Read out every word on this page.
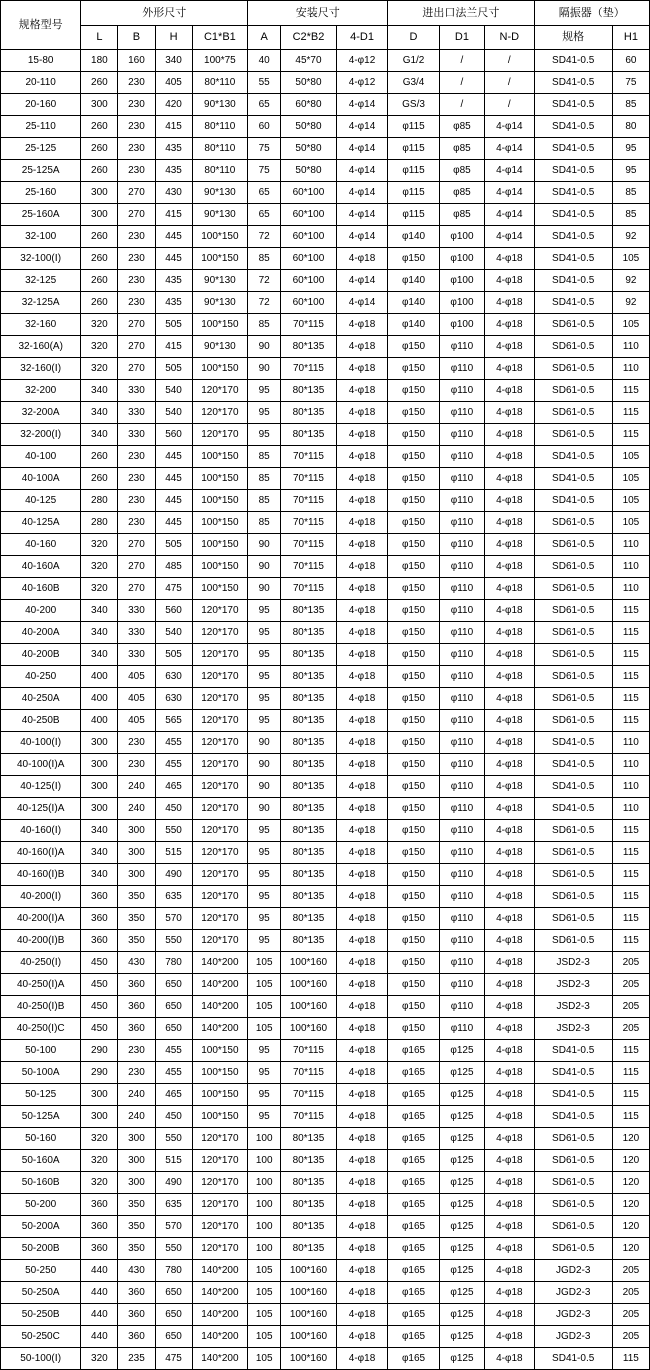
规格型号	外形尺寸				安装尺寸			进出口法兰尺寸			隔振器（垫）	
	L	B	H	C1*B1	A	C2*B2	4-D1	D	D1	N-D	规格	H1
15-80	180	160	340	100*75	40	45*70	4-φ12	G1/2	/	/	SD41-0.5	60
20-110	260	230	405	80*110	55	50*80	4-φ12	G3/4	/	/	SD41-0.5	75
20-160	300	230	420	90*130	65	60*80	4-φ14	GS/3	/	/	SD41-0.5	85
25-110	260	230	415	80*110	60	50*80	4-φ14	φ115	φ85	4-φ14	SD41-0.5	80
25-125	260	230	435	80*110	75	50*80	4-φ14	φ115	φ85	4-φ14	SD41-0.5	95
25-125A	260	230	435	80*110	75	50*80	4-φ14	φ115	φ85	4-φ14	SD41-0.5	95
25-160	300	270	430	90*130	65	60*100	4-φ14	φ115	φ85	4-φ14	SD41-0.5	85
25-160A	300	270	415	90*130	65	60*100	4-φ14	φ115	φ85	4-φ14	SD41-0.5	85
32-100	260	230	445	100*150	72	60*100	4-φ14	φ140	φ100	4-φ14	SD41-0.5	92
32-100(Ⅰ)	260	230	445	100*150	85	60*100	4-φ18	φ150	φ100	4-φ18	SD41-0.5	105
32-125	260	230	435	90*130	72	60*100	4-φ14	φ140	φ100	4-φ18	SD41-0.5	92
32-125A	260	230	435	90*130	72	60*100	4-φ14	φ140	φ100	4-φ18	SD41-0.5	92
32-160	320	270	505	100*150	85	70*115	4-φ18	φ140	φ100	4-φ18	SD61-0.5	105
32-160(A)	320	270	415	90*130	90	80*135	4-φ18	φ150	φ110	4-φ18	SD61-0.5	110
32-160(Ⅰ)	320	270	505	100*150	90	70*115	4-φ18	φ150	φ110	4-φ18	SD61-0.5	110
32-200	340	330	540	120*170	95	80*135	4-φ18	φ150	φ110	4-φ18	SD61-0.5	115
32-200A	340	330	540	120*170	95	80*135	4-φ18	φ150	φ110	4-φ18	SD61-0.5	115
32-200(Ⅰ)	340	330	560	120*170	95	80*135	4-φ18	φ150	φ110	4-φ18	SD61-0.5	115
40-100	260	230	445	100*150	85	70*115	4-φ18	φ150	φ110	4-φ18	SD41-0.5	105
40-100A	260	230	445	100*150	85	70*115	4-φ18	φ150	φ110	4-φ18	SD41-0.5	105
40-125	280	230	445	100*150	85	70*115	4-φ18	φ150	φ110	4-φ18	SD41-0.5	105
40-125A	280	230	445	100*150	85	70*115	4-φ18	φ150	φ110	4-φ18	SD61-0.5	105
40-160	320	270	505	100*150	90	70*115	4-φ18	φ150	φ110	4-φ18	SD61-0.5	110
40-160A	320	270	485	100*150	90	70*115	4-φ18	φ150	φ110	4-φ18	SD61-0.5	110
40-160B	320	270	475	100*150	90	70*115	4-φ18	φ150	φ110	4-φ18	SD61-0.5	110
40-200	340	330	560	120*170	95	80*135	4-φ18	φ150	φ110	4-φ18	SD61-0.5	115
40-200A	340	330	540	120*170	95	80*135	4-φ18	φ150	φ110	4-φ18	SD61-0.5	115
40-200B	340	330	505	120*170	95	80*135	4-φ18	φ150	φ110	4-φ18	SD61-0.5	115
40-250	400	405	630	120*170	95	80*135	4-φ18	φ150	φ110	4-φ18	SD61-0.5	115
40-250A	400	405	630	120*170	95	80*135	4-φ18	φ150	φ110	4-φ18	SD61-0.5	115
40-250B	400	405	565	120*170	95	80*135	4-φ18	φ150	φ110	4-φ18	SD61-0.5	115
40-100(Ⅰ)	300	230	455	120*170	90	80*135	4-φ18	φ150	φ110	4-φ18	SD41-0.5	110
40-100(Ⅰ)A	300	230	455	120*170	90	80*135	4-φ18	φ150	φ110	4-φ18	SD41-0.5	110
40-125(Ⅰ)	300	240	465	120*170	90	80*135	4-φ18	φ150	φ110	4-φ18	SD41-0.5	110
40-125(Ⅰ)A	300	240	450	120*170	90	80*135	4-φ18	φ150	φ110	4-φ18	SD41-0.5	110
40-160(Ⅰ)	340	300	550	120*170	95	80*135	4-φ18	φ150	φ110	4-φ18	SD61-0.5	115
40-160(Ⅰ)A	340	300	515	120*170	95	80*135	4-φ18	φ150	φ110	4-φ18	SD61-0.5	115
40-160(Ⅰ)B	340	300	490	120*170	95	80*135	4-φ18	φ150	φ110	4-φ18	SD61-0.5	115
40-200(Ⅰ)	360	350	635	120*170	95	80*135	4-φ18	φ150	φ110	4-φ18	SD61-0.5	115
40-200(Ⅰ)A	360	350	570	120*170	95	80*135	4-φ18	φ150	φ110	4-φ18	SD61-0.5	115
40-200(Ⅰ)B	360	350	550	120*170	95	80*135	4-φ18	φ150	φ110	4-φ18	SD61-0.5	115
40-250(Ⅰ)	450	430	780	140*200	105	100*160	4-φ18	φ150	φ110	4-φ18	JSD2-3	205
40-250(Ⅰ)A	450	360	650	140*200	105	100*160	4-φ18	φ150	φ110	4-φ18	JSD2-3	205
40-250(Ⅰ)B	450	360	650	140*200	105	100*160	4-φ18	φ150	φ110	4-φ18	JSD2-3	205
40-250(Ⅰ)C	450	360	650	140*200	105	100*160	4-φ18	φ150	φ110	4-φ18	JSD2-3	205
50-100	290	230	455	100*150	95	70*115	4-φ18	φ165	φ125	4-φ18	SD41-0.5	115
50-100A	290	230	455	100*150	95	70*115	4-φ18	φ165	φ125	4-φ18	SD41-0.5	115
50-125	300	240	465	100*150	95	70*115	4-φ18	φ165	φ125	4-φ18	SD41-0.5	115
50-125A	300	240	450	100*150	95	70*115	4-φ18	φ165	φ125	4-φ18	SD41-0.5	115
50-160	320	300	550	120*170	100	80*135	4-φ18	φ165	φ125	4-φ18	SD61-0.5	120
50-160A	320	300	515	120*170	100	80*135	4-φ18	φ165	φ125	4-φ18	SD61-0.5	120
50-160B	320	300	490	120*170	100	80*135	4-φ18	φ165	φ125	4-φ18	SD61-0.5	120
50-200	360	350	635	120*170	100	80*135	4-φ18	φ165	φ125	4-φ18	SD61-0.5	120
50-200A	360	350	570	120*170	100	80*135	4-φ18	φ165	φ125	4-φ18	SD61-0.5	120
50-200B	360	350	550	120*170	100	80*135	4-φ18	φ165	φ125	4-φ18	SD61-0.5	120
50-250	440	430	780	140*200	105	100*160	4-φ18	φ165	φ125	4-φ18	JGD2-3	205
50-250A	440	360	650	140*200	105	100*160	4-φ18	φ165	φ125	4-φ18	JGD2-3	205
50-250B	440	360	650	140*200	105	100*160	4-φ18	φ165	φ125	4-φ18	JGD2-3	205
50-250C	440	360	650	140*200	105	100*160	4-φ18	φ165	φ125	4-φ18	JGD2-3	205
50-100(Ⅰ)	320	235	475	140*200	105	100*160	4-φ18	φ165	φ125	4-φ18	SD41-0.5	115
